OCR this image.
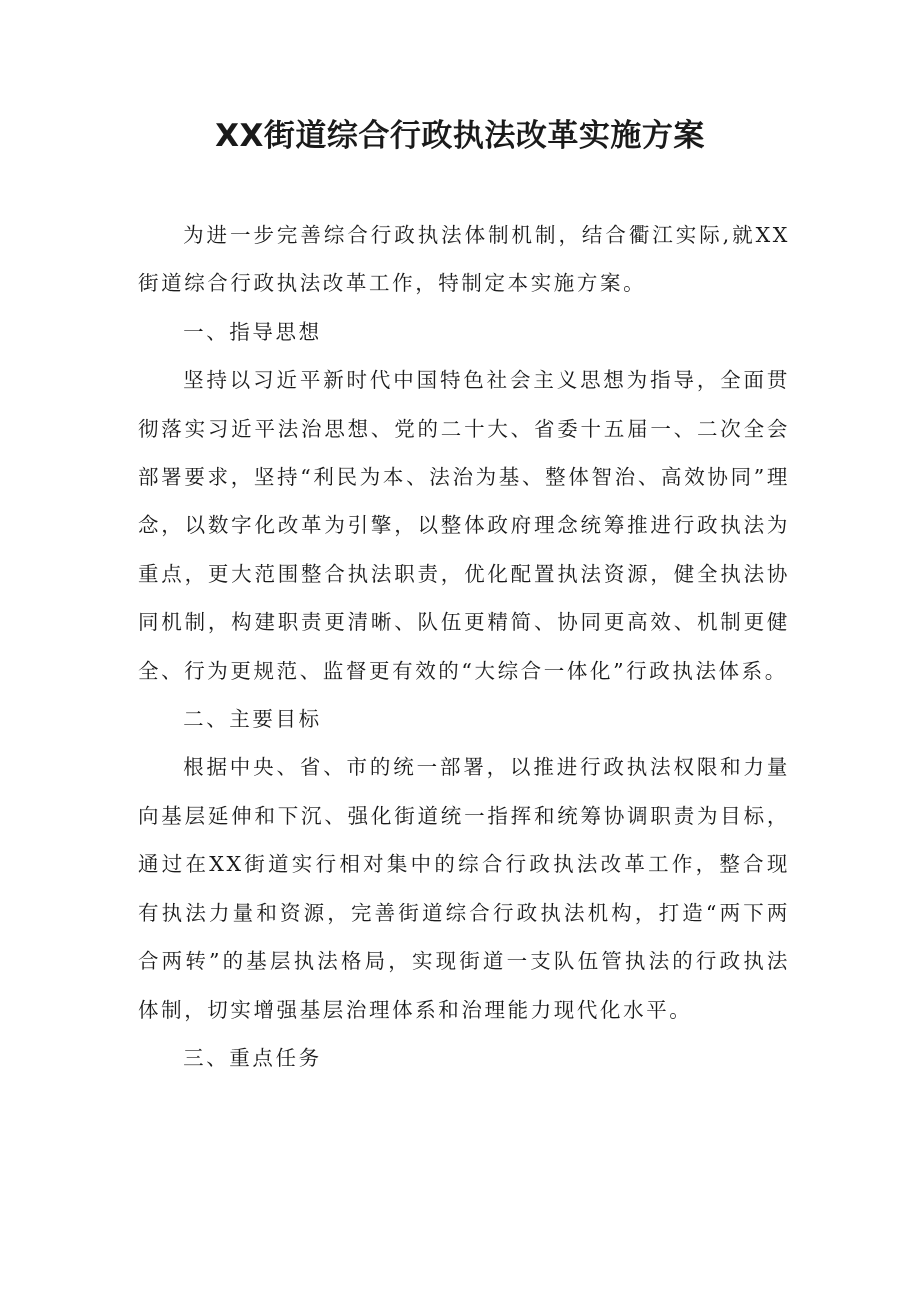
XX街道综合行政执法改革实施方案

为进一步完善综合行政执法体制机制，结合衢江实际,就XX街道综合行政执法改革工作，特制定本实施方案。

一、指导思想

坚持以习近平新时代中国特色社会主义思想为指导，全面贯彻落实习近平法治思想、党的二十大、省委十五届一、二次全会部署要求，坚持“利民为本、法治为基、整体智治、高效协同”理念，以数字化改革为引擎，以整体政府理念统筹推进行政执法为重点，更大范围整合执法职责，优化配置执法资源，健全执法协同机制，构建职责更清晰、队伍更精简、协同更高效、机制更健全、行为更规范、监督更有效的“大综合一体化”行政执法体系。

二、主要目标

根据中央、省、市的统一部署，以推进行政执法权限和力量向基层延伸和下沉、强化街道统一指挥和统筹协调职责为目标，通过在XX街道实行相对集中的综合行政执法改革工作，整合现有执法力量和资源，完善街道综合行政执法机构，打造“两下两合两转”的基层执法格局，实现街道一支队伍管执法的行政执法体制，切实增强基层治理体系和治理能力现代化水平。

三、重点任务
